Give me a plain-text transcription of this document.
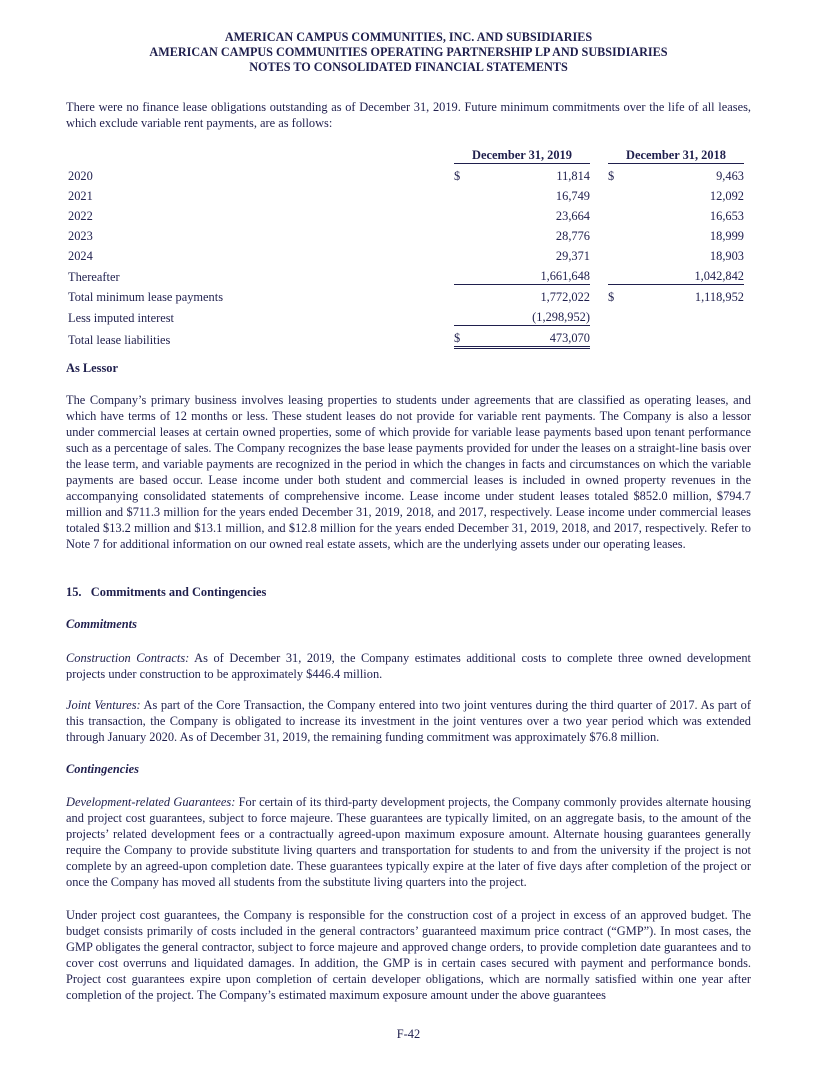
AMERICAN CAMPUS COMMUNITIES, INC. AND SUBSIDIARIES
AMERICAN CAMPUS COMMUNITIES OPERATING PARTNERSHIP LP AND SUBSIDIARIES
NOTES TO CONSOLIDATED FINANCIAL STATEMENTS

There were no finance lease obligations outstanding as of December 31, 2019. Future minimum commitments over the life of all leases, which exclude variable rent payments, are as follows:

	December 31, 2019			December 31, 2018	
2020	$	11,814		$	9,463
2021		16,749			12,092
2022		23,664			16,653
2023		28,776			18,999
2024		29,371			18,903
Thereafter		1,661,648			1,042,842
Total minimum lease payments		1,772,022		$	1,118,952
Less imputed interest		(1,298,952)			
Total lease liabilities	$	473,070			

As Lessor

The Company’s primary business involves leasing properties to students under agreements that are classified as operating leases, and which have terms of 12 months or less. These student leases do not provide for variable rent payments. The Company is also a lessor under commercial leases at certain owned properties, some of which provide for variable lease payments based upon tenant performance such as a percentage of sales. The Company recognizes the base lease payments provided for under the leases on a straight-line basis over the lease term, and variable payments are recognized in the period in which the changes in facts and circumstances on which the variable payments are based occur. Lease income under both student and commercial leases is included in owned property revenues in the accompanying consolidated statements of comprehensive income. Lease income under student leases totaled $852.0 million, $794.7 million and $711.3 million for the years ended December 31, 2019, 2018, and 2017, respectively. Lease income under commercial leases totaled $13.2 million and $13.1 million, and $12.8 million for the years ended December 31, 2019, 2018, and 2017, respectively. Refer to Note 7 for additional information on our owned real estate assets, which are the underlying assets under our operating leases.

15. Commitments and Contingencies

Commitments

Construction Contracts: As of December 31, 2019, the Company estimates additional costs to complete three owned development projects under construction to be approximately $446.4 million.

Joint Ventures: As part of the Core Transaction, the Company entered into two joint ventures during the third quarter of 2017. As part of this transaction, the Company is obligated to increase its investment in the joint ventures over a two year period which was extended through January 2020. As of December 31, 2019, the remaining funding commitment was approximately $76.8 million.

Contingencies

Development-related Guarantees: For certain of its third-party development projects, the Company commonly provides alternate housing and project cost guarantees, subject to force majeure. These guarantees are typically limited, on an aggregate basis, to the amount of the projects’ related development fees or a contractually agreed-upon maximum exposure amount. Alternate housing guarantees generally require the Company to provide substitute living quarters and transportation for students to and from the university if the project is not complete by an agreed-upon completion date. These guarantees typically expire at the later of five days after completion of the project or once the Company has moved all students from the substitute living quarters into the project.

Under project cost guarantees, the Company is responsible for the construction cost of a project in excess of an approved budget. The budget consists primarily of costs included in the general contractors’ guaranteed maximum price contract (“GMP”). In most cases, the GMP obligates the general contractor, subject to force majeure and approved change orders, to provide completion date guarantees and to cover cost overruns and liquidated damages. In addition, the GMP is in certain cases secured with payment and performance bonds. Project cost guarantees expire upon completion of certain developer obligations, which are normally satisfied within one year after completion of the project. The Company’s estimated maximum exposure amount under the above guarantees

F-42
